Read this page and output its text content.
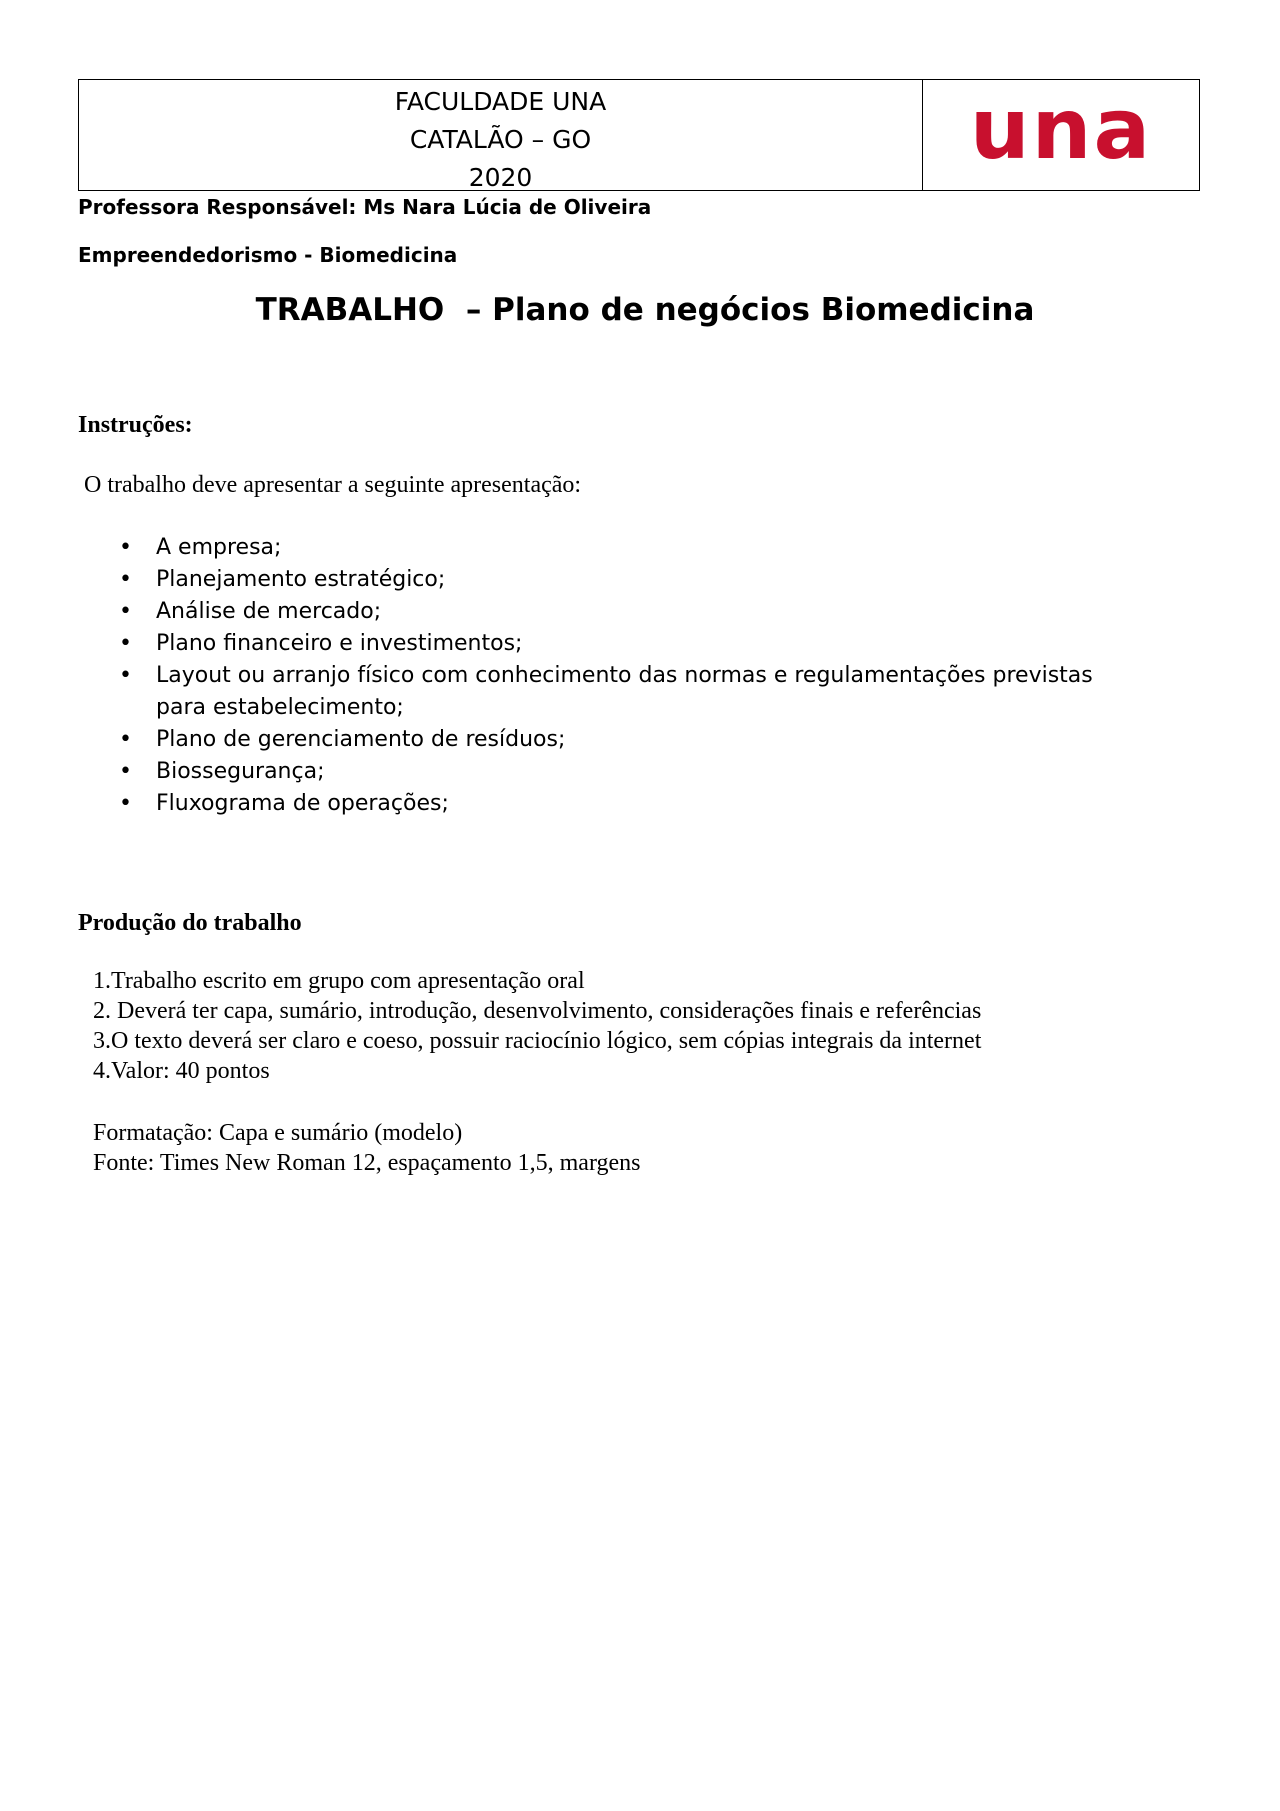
FACULDADE UNA
CATALÃO – GO
2020	una
Professora Responsável: Ms Nara Lúcia de Oliveira
Empreendedorismo - Biomedicina
TRABALHO  – Plano de negócios Biomedicina
Instruções:
O trabalho deve apresentar a seguinte apresentação:
• A empresa;
• Planejamento estratégico;
• Análise de mercado;
• Plano financeiro e investimentos;
• Layout ou arranjo físico com conhecimento das normas e regulamentações previstas para estabelecimento;
• Plano de gerenciamento de resíduos;
• Biossegurança;
• Fluxograma de operações;
Produção do trabalho
1.Trabalho escrito em grupo com apresentação oral
2. Deverá ter capa, sumário, introdução, desenvolvimento, considerações finais e referências
3.O texto deverá ser claro e coeso, possuir raciocínio lógico, sem cópias integrais da internet
4.Valor: 40 pontos
Formatação: Capa e sumário (modelo)
Fonte: Times New Roman 12, espaçamento 1,5, margens
